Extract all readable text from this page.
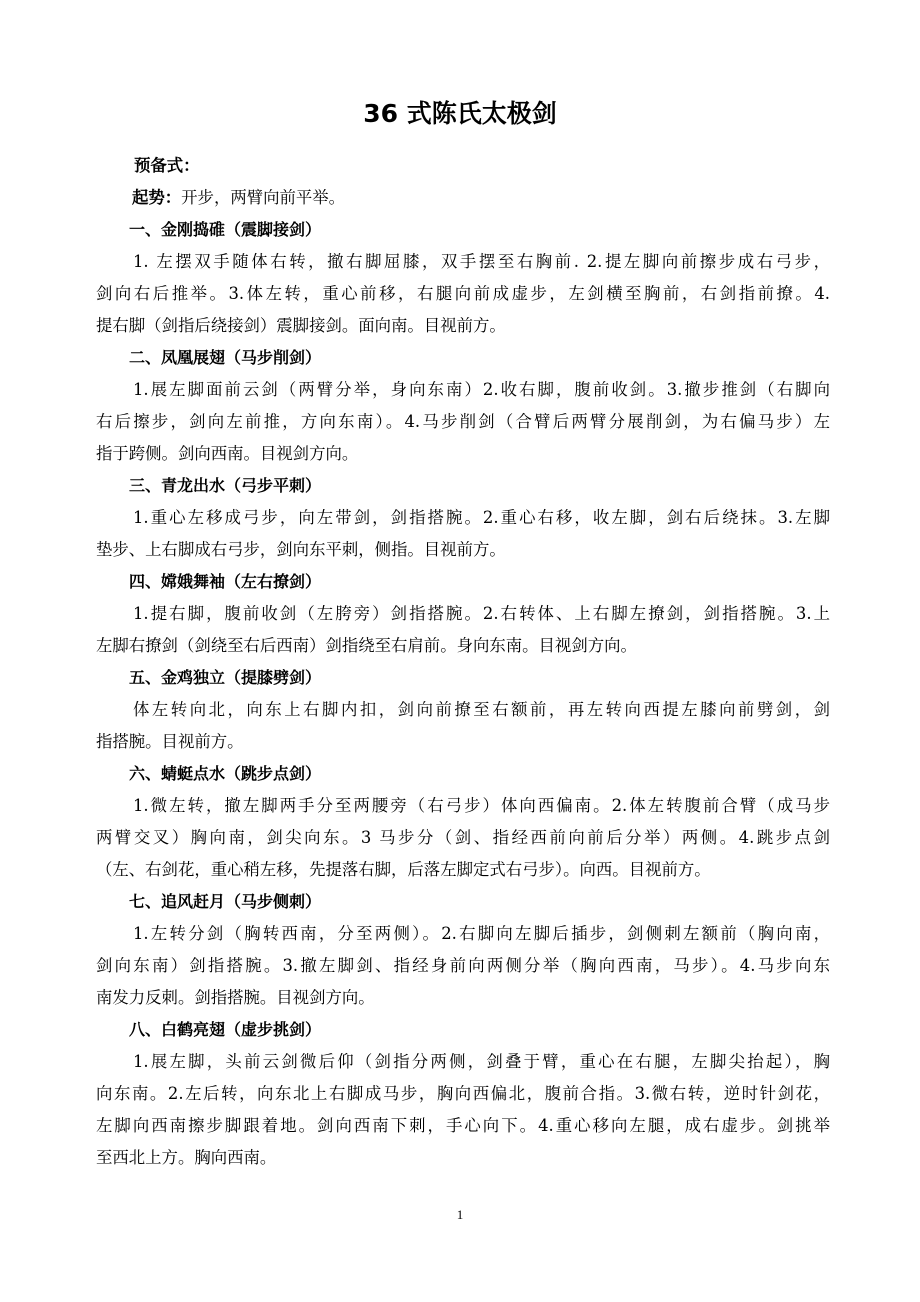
36 式陈氏太极剑
预备式：
起势：开步，两臂向前平举。
一、金刚捣碓（震脚接剑）

1. 左摆双手随体右转，撤右脚屈膝，双手摆至右胸前. 2.提左脚向前擦步成右弓步，

剑向右后推举。3.体左转，重心前移，右腿向前成虚步，左剑横至胸前，右剑指前撩。4.

提右脚（剑指后绕接剑）震脚接剑。面向南。目视前方。

二、凤凰展翅（马步削剑）

1.展左脚面前云剑（两臂分举，身向东南）2.收右脚，腹前收剑。3.撤步推剑（右脚向

右后擦步，剑向左前推，方向东南）。4.马步削剑（合臂后两臂分展削剑，为右偏马步）左

指于跨侧。剑向西南。目视剑方向。

三、青龙出水（弓步平刺）

1.重心左移成弓步，向左带剑，剑指搭腕。2.重心右移，收左脚，剑右后绕抹。3.左脚

垫步、上右脚成右弓步，剑向东平刺，侧指。目视前方。

四、嫦娥舞袖（左右撩剑）

1.提右脚，腹前收剑（左胯旁）剑指搭腕。2.右转体、上右脚左撩剑，剑指搭腕。3.上

左脚右撩剑（剑绕至右后西南）剑指绕至右肩前。身向东南。目视剑方向。

五、金鸡独立（提膝劈剑）

体左转向北，向东上右脚内扣，剑向前撩至右额前，再左转向西提左膝向前劈剑，剑

指搭腕。目视前方。

六、蜻蜓点水（跳步点剑）

1.微左转，撤左脚两手分至两腰旁（右弓步）体向西偏南。2.体左转腹前合臂（成马步

两臂交叉）胸向南，剑尖向东。3 马步分（剑、指经西前向前后分举）两侧。4.跳步点剑

（左、右剑花，重心稍左移，先提落右脚，后落左脚定式右弓步）。向西。目视前方。

七、追风赶月（马步侧刺）

1.左转分剑（胸转西南，分至两侧）。2.右脚向左脚后插步，剑侧刺左额前（胸向南，

剑向东南）剑指搭腕。3.撤左脚剑、指经身前向两侧分举（胸向西南，马步）。4.马步向东

南发力反刺。剑指搭腕。目视剑方向。

八、白鹤亮翅（虚步挑剑）

1.展左脚，头前云剑微后仰（剑指分两侧，剑叠于臂，重心在右腿，左脚尖抬起），胸

向东南。2.左后转，向东北上右脚成马步，胸向西偏北，腹前合指。3.微右转，逆时针剑花，

左脚向西南擦步脚跟着地。剑向西南下刺，手心向下。4.重心移向左腿，成右虚步。剑挑举

至西北上方。胸向西南。

1
